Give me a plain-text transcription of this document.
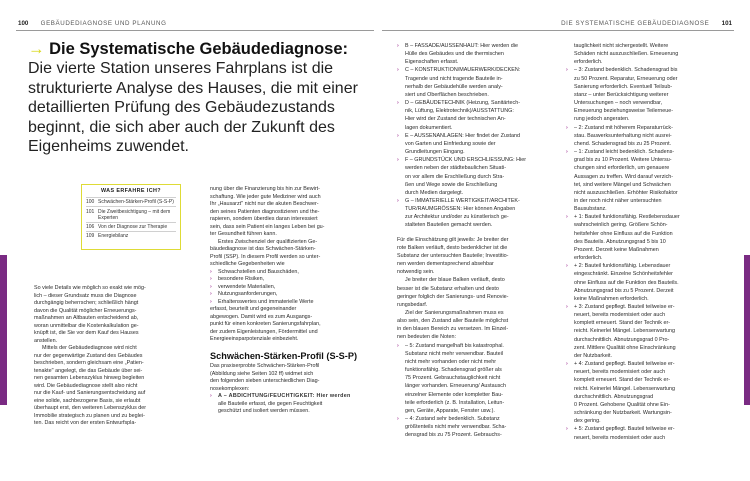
100 GEBÄUDEDIAGNOSE UND PLANUNG	DIE SYSTEMATISCHE GEBÄUDEDIAGNOSE 101
→ Die Systematische Gebäudediagnose:
Die vierte Station unseres Fahrplans ist die
strukturierte Analyse des Hauses, die mit einer
detaillierten Prüfung des Gebäudezustands
beginnt, die sich aber auch der Zukunft des
Eigenheims zuwendet.
WAS ERFAHRE ICH?
100 Schwächen-Stärken-Profil (S-S-P)
101 Die Zweitbesichtigung – mit dem Experten
106 Von der Diagnose zur Therapie
109 Energiebilanz

So viele Details wie möglich so exakt wie mög-

lich – dieser Grundsatz muss die Diagnose

durchgängig beherrschen; schließlich hängt

davon die Qualität möglicher Erneuerungs-

maßnahmen an Altbauten entscheidend ab,

woran unmittelbar die Kostenkalkulation ge-

knüpft ist, die Sie vor dem Kauf des Hauses

anstellen.

Mittels der Gebäudediagnose wird nicht

nur der gegenwärtige Zustand des Gebäudes

beschrieben, sondern gleichsam eine „Patien-

tenakte" angelegt, die das Gebäude über sei-

nen gesamten Lebenszyklus hinweg begleiten

wird. Die Gebäudediagnose stellt also nicht

nur die Kauf- und Sanierungsentscheidung auf

eine solide, sachbezogene Basis, sie erlaubt

überhaupt erst, den weiteren Lebenszyklus der

Immobilie strategisch zu planen und zu beglei-

ten. Das reicht von der ersten Entwurfspla-

nung über die Finanzierung bis hin zur Bewirt-

schaftung. Wie jeder gute Mediziner wird auch

Ihr „Hausarzt" nicht nur die akuten Beschwer-

den seines Patienten diagnostizieren und the-

rapieren, sondern überdies daran interessiert

sein, dass sein Patient ein langes Leben bei gu-

ter Gesundheit führen kann.

Erstes Zwischenziel der qualifizierten Ge-

bäudediagnose ist das Schwächen-Stärken-

Profil (SSP). In diesem Profil werden so unter-

schiedliche Gegebenheiten wie

›	Schwachstellen und Bauschäden,
›	besondere Risiken,
›	verwendete Materialien,
›	Nutzungsanforderungen,
›	Erhaltenswertes und immaterielle Werte

erfasst, beurteilt und gegeneinander

abgewogen. Damit wird es zum Ausgangs-

punkt für einen konkreten Sanierungsfahrplan,

der zudem Eigenleistungen, Fördermittel und

Energieeinsparpotenziale einbezieht.

Schwächen-Stärken-Profil (S-S-P)

Das praxiserprobte Schwächen-Stärken-Profil

(Abbildung siehe Seiten 102 ff) widmet sich

den folgenden sieben unterschiedlichen Diag-

nosekomplexen:

›	A – ABDICHTUNG/FEUCHTIGKEIT: Hier werden

alle Bauteile erfasst, die gegen Feuchtigkeit

geschützt und isoliert werden müssen.

›	B – FASSADE/AUSSENHAUT: Hier werden die

Hülle des Gebäudes und die thermischen

Eigenschaften erfasst.

›	C – KONSTRUKTION/MAUERWERK/DECKEN:

Tragende und nicht tragende Bauteile in-

nerhalb der Gebäudehülle werden analy-

siert und Oberflächen beschrieben.

›	D – GEBÄUDETECHNIK (Heizung, Sanitärtech-

nik, Lüftung, Elektrotechnik)/AUSSTATTUNG:

Hier wird der Zustand der technischen An-

lagen dokumentiert.

›	E – AUSSENANLAGEN: Hier findet der Zustand

von Garten und Einfriedung sowie der

Grundleitungen Eingang.

›	F – GRUNDSTÜCK UND ERSCHLIESSUNG: Hier

werden neben der städtebaulichen Situati-

on vor allem die Erschließung durch Stra-

ßen und Wege sowie die Erschließung

durch Medien dargelegt.

›	G – IMMATERIELLE WERTIGKEIT/ARCHITEK-

TUR/RAUMGRÖSSEN: Hier können Angaben

zur Architektur und/oder zu künstlerisch ge-

stalteten Bauteilen gemacht werden.

Für die Einschätzung gilt jeweils: Je breiter der

rote Balken verläuft, desto bedenklicher ist die

Substanz der untersuchten Bauteile; Investitio-

nen werden dementsprechend absehbar

notwendig sein.

Je breiter der blaue Balken verläuft, desto

besser ist die Substanz erhalten und desto

geringer folglich der Sanierungs- und Renovie-

rungsbedarf.

Ziel der Sanierungsmaßnahmen muss es

also sein, den Zustand aller Bauteile möglichst

in den blauen Bereich zu versetzen. Im Einzel-

nen bedeuten die Noten:

›	– 5: Zustand mangelhaft bis katastrophal.

Substanz nicht mehr verwendbar. Bauteil

nicht mehr vorhanden oder nicht mehr

funktionsfähig. Schadensgrad größer als

75 Prozent. Gebrauchstauglichkeit nicht

länger vorhanden. Erneuerung/ Austausch

einzelner Elemente oder kompletter Bau-

teile erforderlich (z. B. Installation, Leitun-

gen, Geräte, Apparate, Fenster usw.).

›	– 4: Zustand sehr bedenklich. Substanz

größtenteils nicht mehr verwendbar. Scha-

densgrad bis zu 75 Prozent. Gebrauchs-

tauglichkeit nicht sichergestellt. Weitere

Schäden nicht auszuschließen. Erneuerung

erforderlich.

›	– 3: Zustand bedenklich. Schadensgrad bis

zu 50 Prozent. Reparatur, Erneuerung oder

Sanierung erforderlich. Eventuell Teilsub-

stanz – unter Berücksichtigung weiterer

Untersuchungen – noch verwendbar,

Erneuerung beziehungsweise Teilerneue-

rung jedoch angeraten.

›	– 2: Zustand mit höherem Reparaturrück-

stau. Bauwerksunterhaltung nicht ausrei-

chend. Schadensgrad bis zu 25 Prozent.

›	– 1: Zustand leicht bedenklich. Schadens-

grad bis zu 10 Prozent. Weitere Untersu-

chungen sind erforderlich, um genauere

Aussagen zu treffen. Wird darauf verzich-

tet, sind weitere Mängel und Schwächen

nicht auszuschließen. Erhöhter Risikofaktor

in der noch nicht näher untersuchten

Bausubstanz.

›	+ 1: Bauteil funktionsfähig. Restlebensdauer

wahrscheinlich gering. Größere Schön-

heitsfehler ohne Einfluss auf die Funktion

des Bauteils. Abnutzungsgrad 5 bis 10

Prozent. Derzeit keine Maßnahmen

erforderlich.

›	+ 2: Bauteil funktionsfähig. Lebensdauer

eingeschränkt. Einzelne Schönheitsfehler

ohne Einfluss auf die Funktion des Bauteils.

Abnutzungsgrad bis zu 5 Prozent. Derzeit

keine Maßnahmen erforderlich.

›	+ 3: Zustand gepflegt. Bauteil teilweise er-

neuert, bereits modernisiert oder auch

komplett erneuert. Stand der Technik er-

reicht. Keinerlei Mängel. Lebenserwartung

durchschnittlich. Abnutzungsgrad 0 Pro-

zent. Mittlere Qualität ohne Einschränkung

der Nutzbarkeit.

›	+ 4: Zustand gepflegt. Bauteil teilweise er-

neuert, bereits modernisiert oder auch

komplett erneuert. Stand der Technik er-

reicht. Keinerlei Mängel. Lebenserwartung

durchschnittlich. Abnutzungsgrad

0 Prozent. Gehobene Qualität ohne Ein-

schränkung der Nutzbarkeit. Wartungsin-

dex gering.

›	+ 5: Zustand gepflegt. Bauteil teilweise er-

neuert, bereits modernisiert oder auch
